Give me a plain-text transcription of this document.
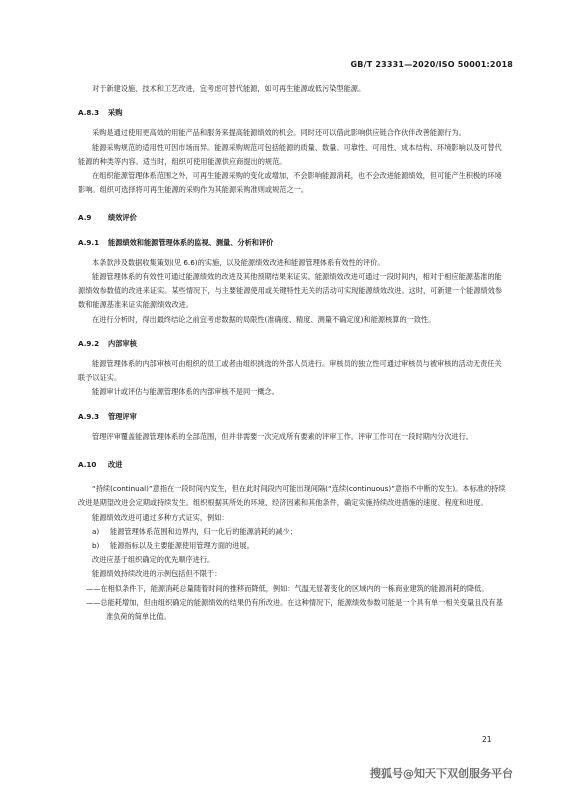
GB/T 23331—2020/ISO 50001:2018

对于新建设施、技术和工艺改进，宜考虑可替代能源，如可再生能源或低污染型能源。

A.8.3 采购

采购是通过使用更高效的用能产品和服务来提高能源绩效的机会。同时还可以借此影响供应链合作伙伴改善能源行为。

能源采购规范的适用性可因市场而异。能源采购规范可包括能源的质量、数量、可靠性、可用性、成本结构、环境影响以及可替代能源的种类等内容。适当时，组织可使用能源供应商提出的规范。

在组织能源管理体系范围之外，可再生能源采购的变化或增加，不会影响能源消耗，也不会改进能源绩效，但可能产生积极的环境影响。组织可选择将可再生能源的采购作为其能源采购准则或规范之一。

A.9 绩效评价

A.9.1 能源绩效和能源管理体系的监视、测量、分析和评价

本条款涉及数据收集策划(见 6.6)的实施，以及能源绩效改进和能源管理体系有效性的评价。

能源管理体系的有效性可通过能源绩效的改进及其他预期结果来证实。能源绩效改进可通过一段时间内，相对于相应能源基准的能源绩效参数值的改进来证实。某些情况下，与主要能源使用或关键特性无关的活动可实现能源绩效改进。这时，可新建一个能源绩效参数和能源基准来证实能源绩效改进。

在进行分析时，得出最终结论之前宜考虑数据的局限性(准确度、精度、测量不确定度)和能源核算的一致性。

A.9.2 内部审核

能源管理体系的内部审核可由组织的员工或者由组织挑选的外部人员进行。审核员的独立性可通过审核员与被审核的活动无责任关联予以证实。

能源审计或评估与能源管理体系的内部审核不是同一概念。

A.9.3 管理评审

管理评审覆盖能源管理体系的全部范围，但并非需要一次完成所有要素的评审工作。评审工作可在一段时期内分次进行。

A.10 改进

“持续(continual)”意指在一段时间内发生，但在此时间段内可能出现间隔(“连续(continuous)”意指不中断的发生)。本标准的持续改进是期望改进会定期或持续发生。组织根据其所处的环境、经济因素和其他条件，确定实施持续改进措施的速度、程度和进度。

能源绩效改进可通过多种方式证实，例如：

a) 能源管理体系范围和边界内，归一化后的能源消耗的减少；

b) 能源指标以及主要能源使用管理方面的进展。

改进应基于组织确定的优先顺序进行。

能源绩效持续改进的示例包括但不限于：

——在相似条件下，能源消耗总量随着时间的推移而降低，例如：气温无显著变化的区域内的一栋商业建筑的能源消耗的降低。

——总能耗增加，但由组织确定的能源绩效的结果仍有所改进。在这种情况下，能源绩效参数可能是一个具有单一相关变量且没有基准负荷的简单比值。

21
搜狐号@知天下双创服务平台
